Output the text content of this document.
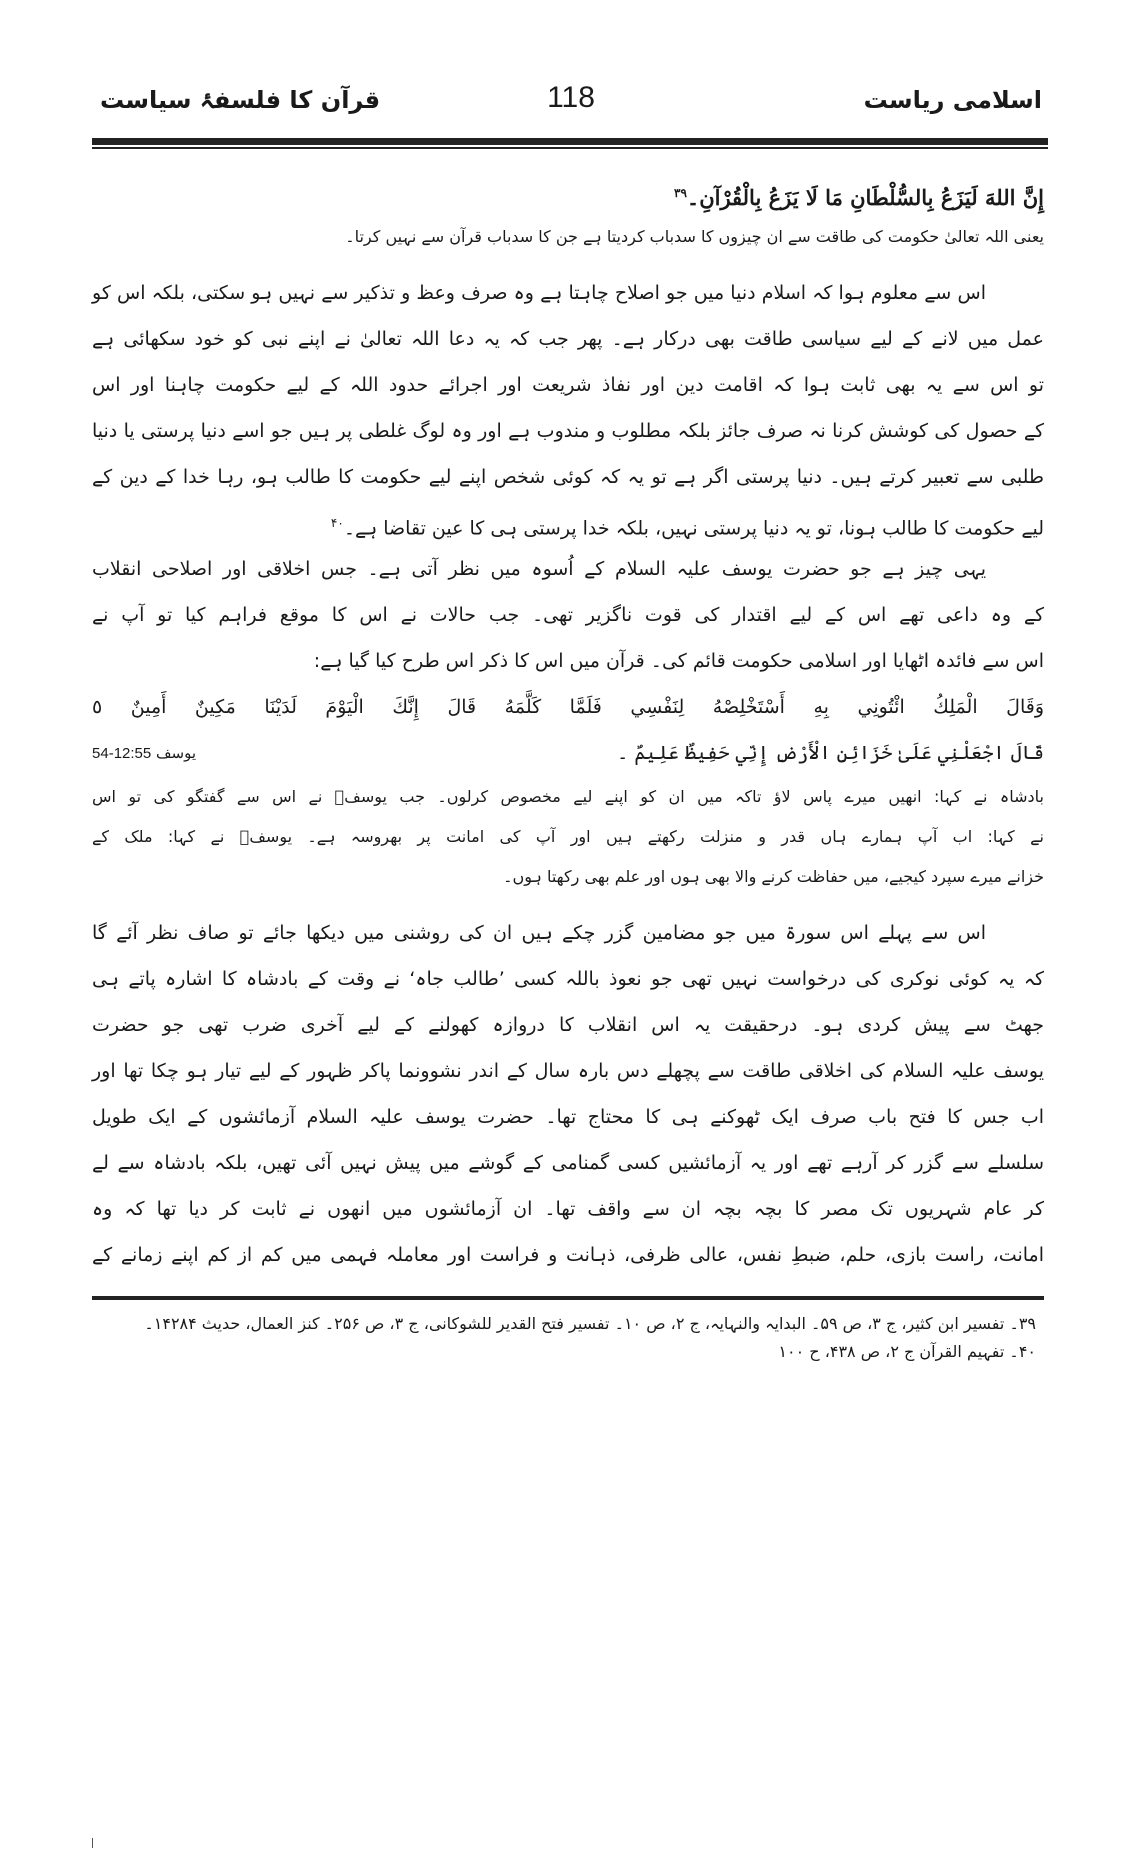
اسلامی ریاست
118
قرآن کا فلسفۂ سیاست
إِنَّ اللهَ لَيَزَعُ بِالسُّلْطَانِ مَا لَا يَزَعُ بِالْقُرْآنِ۔$^{۳۹}$
یعنی اللہ تعالیٰ حکومت کی طاقت سے ان چیزوں کا سدباب کردیتا ہے جن کا سدباب قرآن سے نہیں کرتا۔
اس سے معلوم ہوا کہ اسلام دنیا میں جو اصلاح چاہتا ہے وہ صرف وعظ و تذکیر سے نہیں ہو سکتی، بلکہ اس کو
عمل میں لانے کے لیے سیاسی طاقت بھی درکار ہے۔ پھر جب کہ یہ دعا اللہ تعالیٰ نے اپنے نبی کو خود سکھائی ہے
تو اس سے یہ بھی ثابت ہوا کہ اقامت دین اور نفاذ شریعت اور اجرائے حدود اللہ کے لیے حکومت چاہنا اور اس
کے حصول کی کوشش کرنا نہ صرف جائز بلکہ مطلوب و مندوب ہے اور وہ لوگ غلطی پر ہیں جو اسے دنیا پرستی یا دنیا
طلبی سے تعبیر کرتے ہیں۔ دنیا پرستی اگر ہے تو یہ کہ کوئی شخص اپنے لیے حکومت کا طالب ہو، رہا خدا کے دین کے
لیے حکومت کا طالب ہونا، تو یہ دنیا پرستی نہیں، بلکہ خدا پرستی ہی کا عین تقاضا ہے۔$^{۴۰}$
یہی چیز ہے جو حضرت یوسف علیہ السلام کے اُسوہ میں نظر آتی ہے۔ جس اخلاقی اور اصلاحی انقلاب
کے وہ داعی تھے اس کے لیے اقتدار کی قوت ناگزیر تھی۔ جب حالات نے اس کا موقع فراہم کیا تو آپ نے
اس سے فائدہ اٹھایا اور اسلامی حکومت قائم کی۔ قرآن میں اس کا ذکر اس طرح کیا گیا ہے:
وَقَالَ الْمَلِكُ ائْتُونِي بِهِ أَسْتَخْلِصْهُ لِنَفْسِي فَلَمَّا كَلَّمَهُ قَالَ إِنَّكَ الْيَوْمَ لَدَيْنَا مَكِينٌ أَمِينٌ ٥
یوسف 12:55-54	قَالَ اجْعَلْنِي عَلَىٰ خَزَائِنِ الْأَرْضِ إِنِّي حَفِيظٌ عَلِيمٌ ۔
بادشاہ نے کہا: انھیں میرے پاس لاؤ تاکہ میں ان کو اپنے لیے مخصوص کرلوں۔ جب یوسفؑ نے اس سے گفتگو کی تو اس
نے کہا: اب آپ ہمارے ہاں قدر و منزلت رکھتے ہیں اور آپ کی امانت پر بھروسہ ہے۔ یوسفؑ نے کہا: ملک کے
خزانے میرے سپرد کیجیے، میں حفاظت کرنے والا بھی ہوں اور علم بھی رکھتا ہوں۔
اس سے پہلے اس سورۃ میں جو مضامین گزر چکے ہیں ان کی روشنی میں دیکھا جائے تو صاف نظر آئے گا
کہ یہ کوئی نوکری کی درخواست نہیں تھی جو نعوذ باللہ کسی ’طالب جاہ‘ نے وقت کے بادشاہ کا اشارہ پاتے ہی
جھٹ سے پیش کردی ہو۔ درحقیقت یہ اس انقلاب کا دروازہ کھولنے کے لیے آخری ضرب تھی جو حضرت
یوسف علیہ السلام کی اخلاقی طاقت سے پچھلے دس بارہ سال کے اندر نشوونما پاکر ظہور کے لیے تیار ہو چکا تھا اور
اب جس کا فتح باب صرف ایک ٹھوکنے ہی کا محتاج تھا۔ حضرت یوسف علیہ السلام آزمائشوں کے ایک طویل
سلسلے سے گزر کر آرہے تھے اور یہ آزمائشیں کسی گمنامی کے گوشے میں پیش نہیں آئی تھیں، بلکہ بادشاہ سے لے
کر عام شہریوں تک مصر کا بچہ بچہ ان سے واقف تھا۔ ان آزمائشوں میں انھوں نے ثابت کر دیا تھا کہ وہ
امانت، راست بازی، حلم، ضبطِ نفس، عالی ظرفی، ذہانت و فراست اور معاملہ فہمی میں کم از کم اپنے زمانے کے
۳۹۔ تفسیر ابن کثیر، ج ۳، ص ۵۹۔ البدایہ والنہایہ، ج ۲، ص ۱۰۔ تفسیر فتح القدیر للشوکانی، ج ۳، ص ۲۵۶۔ کنز العمال، حدیث ۱۴۲۸۴۔
۴۰۔ تفہیم القرآن ج ۲، ص ۴۳۸، ح ۱۰۰
